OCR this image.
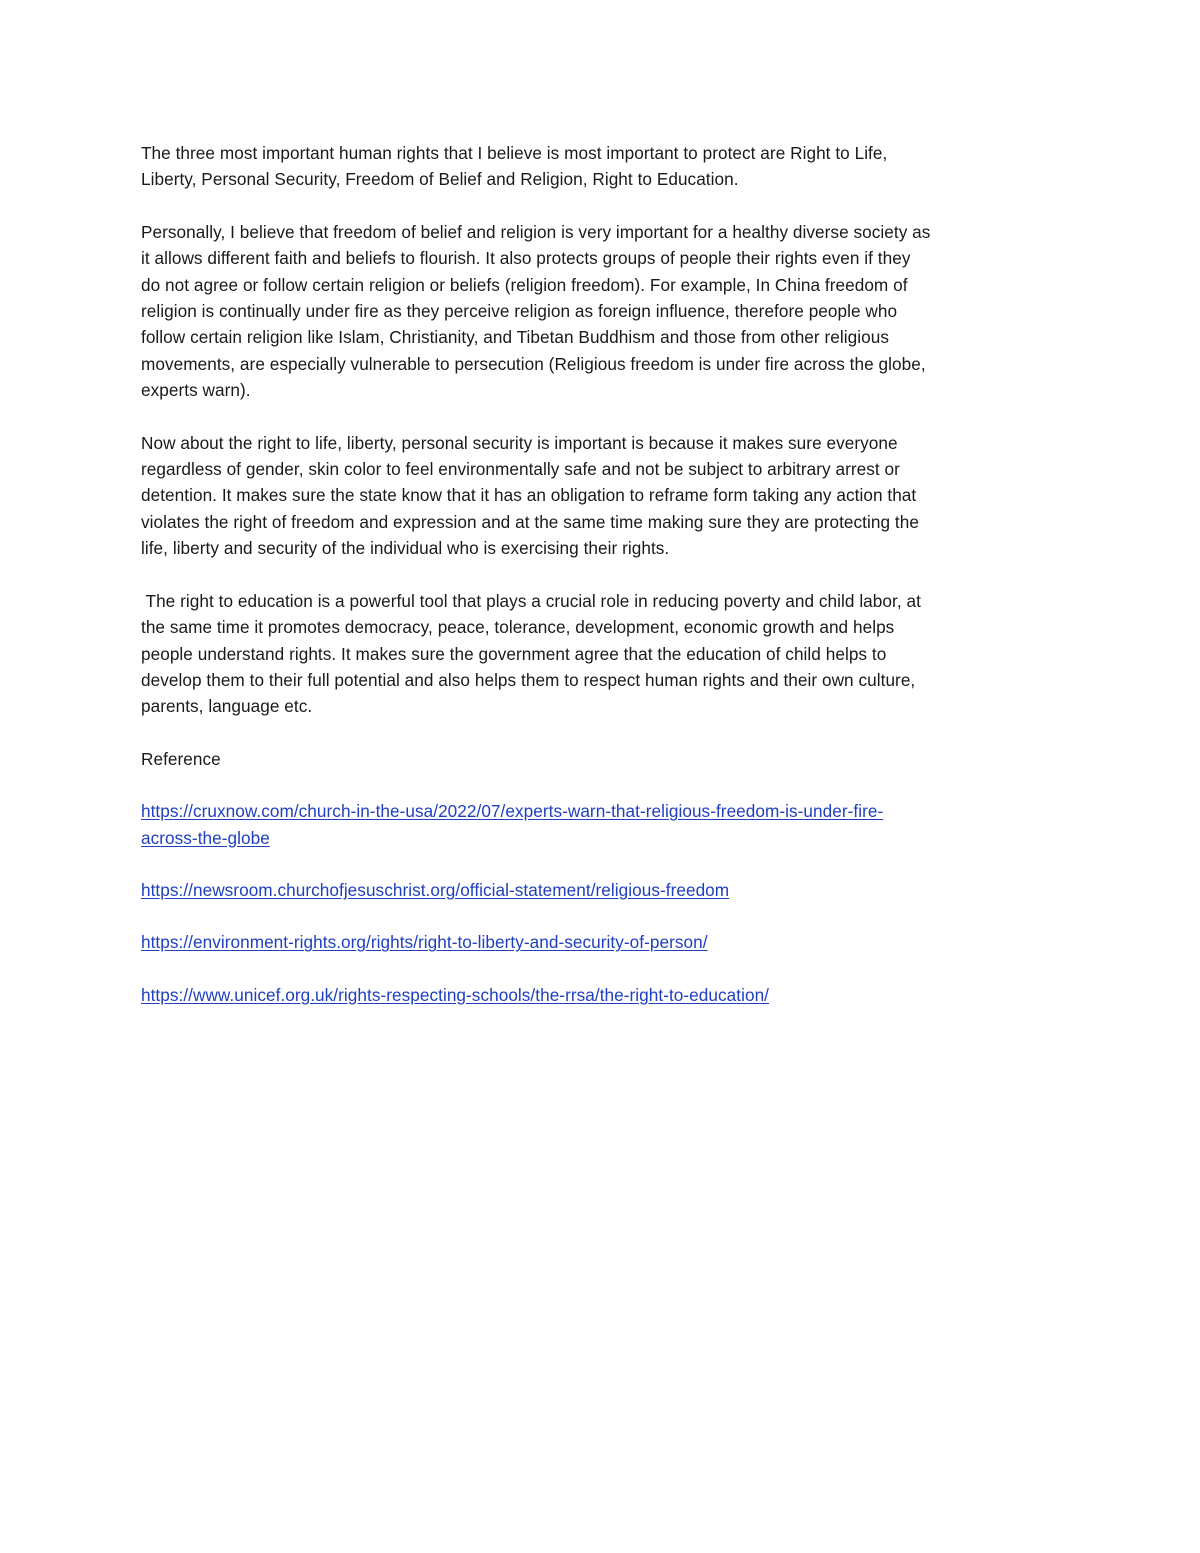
The three most important human rights that I believe is most important to protect are Right to Life,
Liberty, Personal Security, Freedom of Belief and Religion, Right to Education.

Personally, I believe that freedom of belief and religion is very important for a healthy diverse society as
it allows different faith and beliefs to flourish. It also protects groups of people their rights even if they
do not agree or follow certain religion or beliefs (religion freedom). For example, In China freedom of
religion is continually under fire as they perceive religion as foreign influence, therefore people who
follow certain religion like Islam, Christianity, and Tibetan Buddhism and those from other religious
movements, are especially vulnerable to persecution (Religious freedom is under fire across the globe,
experts warn).

Now about the right to life, liberty, personal security is important is because it makes sure everyone
regardless of gender, skin color to feel environmentally safe and not be subject to arbitrary arrest or
detention. It makes sure the state know that it has an obligation to reframe form taking any action that
violates the right of freedom and expression and at the same time making sure they are protecting the
life, liberty and security of the individual who is exercising their rights.

The right to education is a powerful tool that plays a crucial role in reducing poverty and child labor, at
the same time it promotes democracy, peace, tolerance, development, economic growth and helps
people understand rights. It makes sure the government agree that the education of child helps to
develop them to their full potential and also helps them to respect human rights and their own culture,
parents, language etc.

Reference

https://cruxnow.com/church-in-the-usa/2022/07/experts-warn-that-religious-freedom-is-under-fire-
across-the-globe

https://newsroom.churchofjesuschrist.org/official-statement/religious-freedom

https://environment-rights.org/rights/right-to-liberty-and-security-of-person/

https://www.unicef.org.uk/rights-respecting-schools/the-rrsa/the-right-to-education/
